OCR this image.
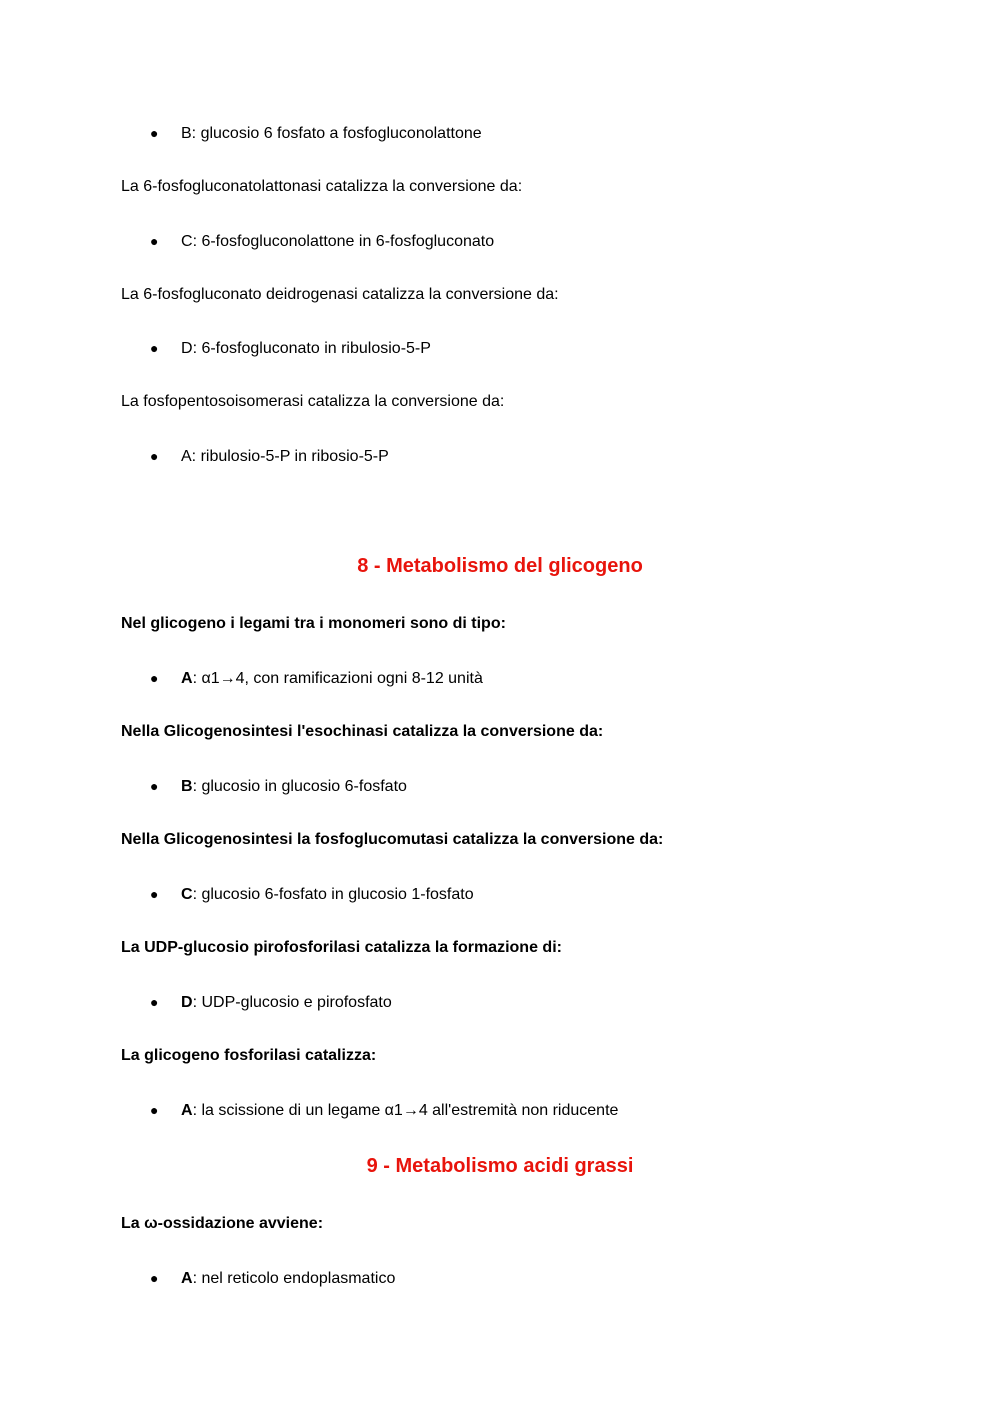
● B: glucosio 6 fosfato a fosfogluconolattone
La 6-fosfogluconatolattonasi catalizza la conversione da:
● C: 6-fosfogluconolattone in 6-fosfogluconato
La 6-fosfogluconato deidrogenasi catalizza la conversione da:
● D: 6-fosfogluconato in ribulosio-5-P
La fosfopentosoisomerasi catalizza la conversione da:
● A: ribulosio-5-P in ribosio-5-P
8 - Metabolismo del glicogeno
Nel glicogeno i legami tra i monomeri sono di tipo:
● A: α1→4, con ramificazioni ogni 8-12 unità
Nella Glicogenosintesi l'esochinasi catalizza la conversione da:
● B: glucosio in glucosio 6-fosfato
Nella Glicogenosintesi la fosfoglucomutasi catalizza la conversione da:
● C: glucosio 6-fosfato in glucosio 1-fosfato
La UDP-glucosio pirofosforilasi catalizza la formazione di:
● D: UDP-glucosio e pirofosfato
La glicogeno fosforilasi catalizza:
● A: la scissione di un legame α1→4 all'estremità non riducente
9 - Metabolismo acidi grassi
La ω-ossidazione avviene:
● A: nel reticolo endoplasmatico
